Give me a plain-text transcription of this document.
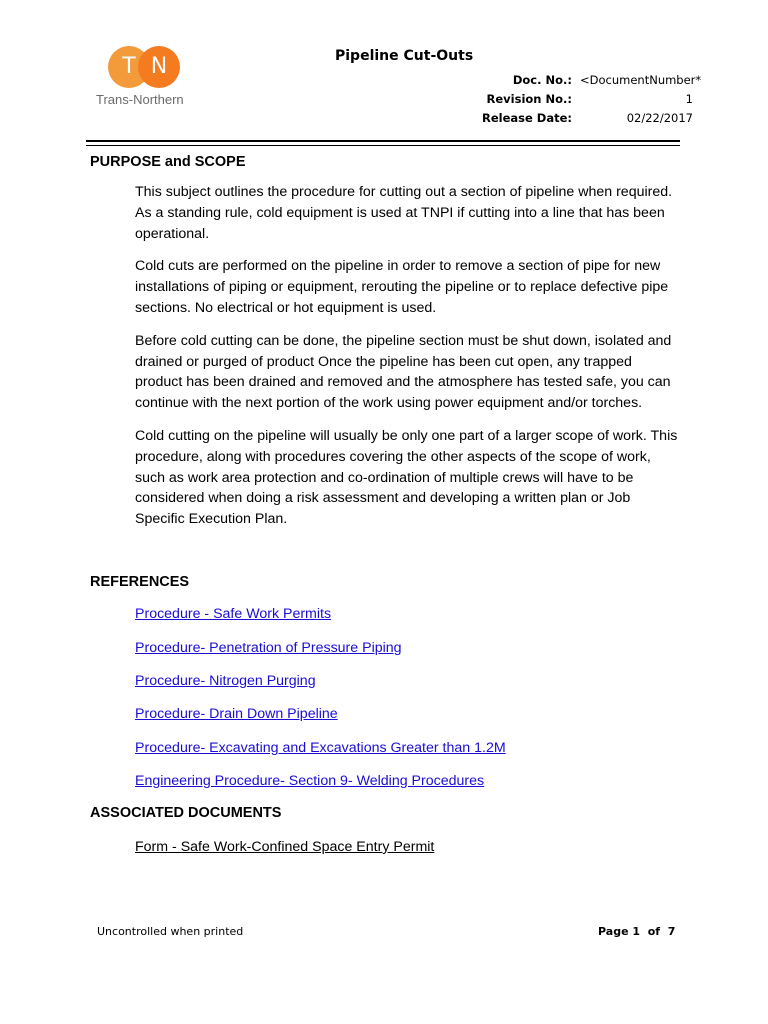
T N
Trans-Northern
Pipeline Cut-Outs
Doc. No.:
Revision No.:
Release Date:
<DocumentNumber*
1
02/22/2017
PURPOSE and SCOPE

This subject outlines the procedure for cutting out a section of pipeline when required. As a standing rule, cold equipment is used at TNPI if cutting into a line that has been operational.

Cold cuts are performed on the pipeline in order to remove a section of pipe for new installations of piping or equipment, rerouting the pipeline or to replace defective pipe sections. No electrical or hot equipment is used.

Before cold cutting can be done, the pipeline section must be shut down, isolated and drained or purged of product Once the pipeline has been cut open, any trapped product has been drained and removed and the atmosphere has tested safe, you can continue with the next portion of the work using power equipment and/or torches.

Cold cutting on the pipeline will usually be only one part of a larger scope of work. This procedure, along with procedures covering the other aspects of the scope of work, such as work area protection and co-ordination of multiple crews will have to be considered when doing a risk assessment and developing a written plan or Job Specific Execution Plan.

REFERENCES
Procedure - Safe Work Permits
Procedure- Penetration of Pressure Piping
Procedure- Nitrogen Purging
Procedure- Drain Down Pipeline
Procedure- Excavating and Excavations Greater than 1.2M
Engineering Procedure- Section 9- Welding Procedures
ASSOCIATED DOCUMENTS
Form - Safe Work-Confined Space Entry Permit
Uncontrolled when printed	Page 1 of 7
